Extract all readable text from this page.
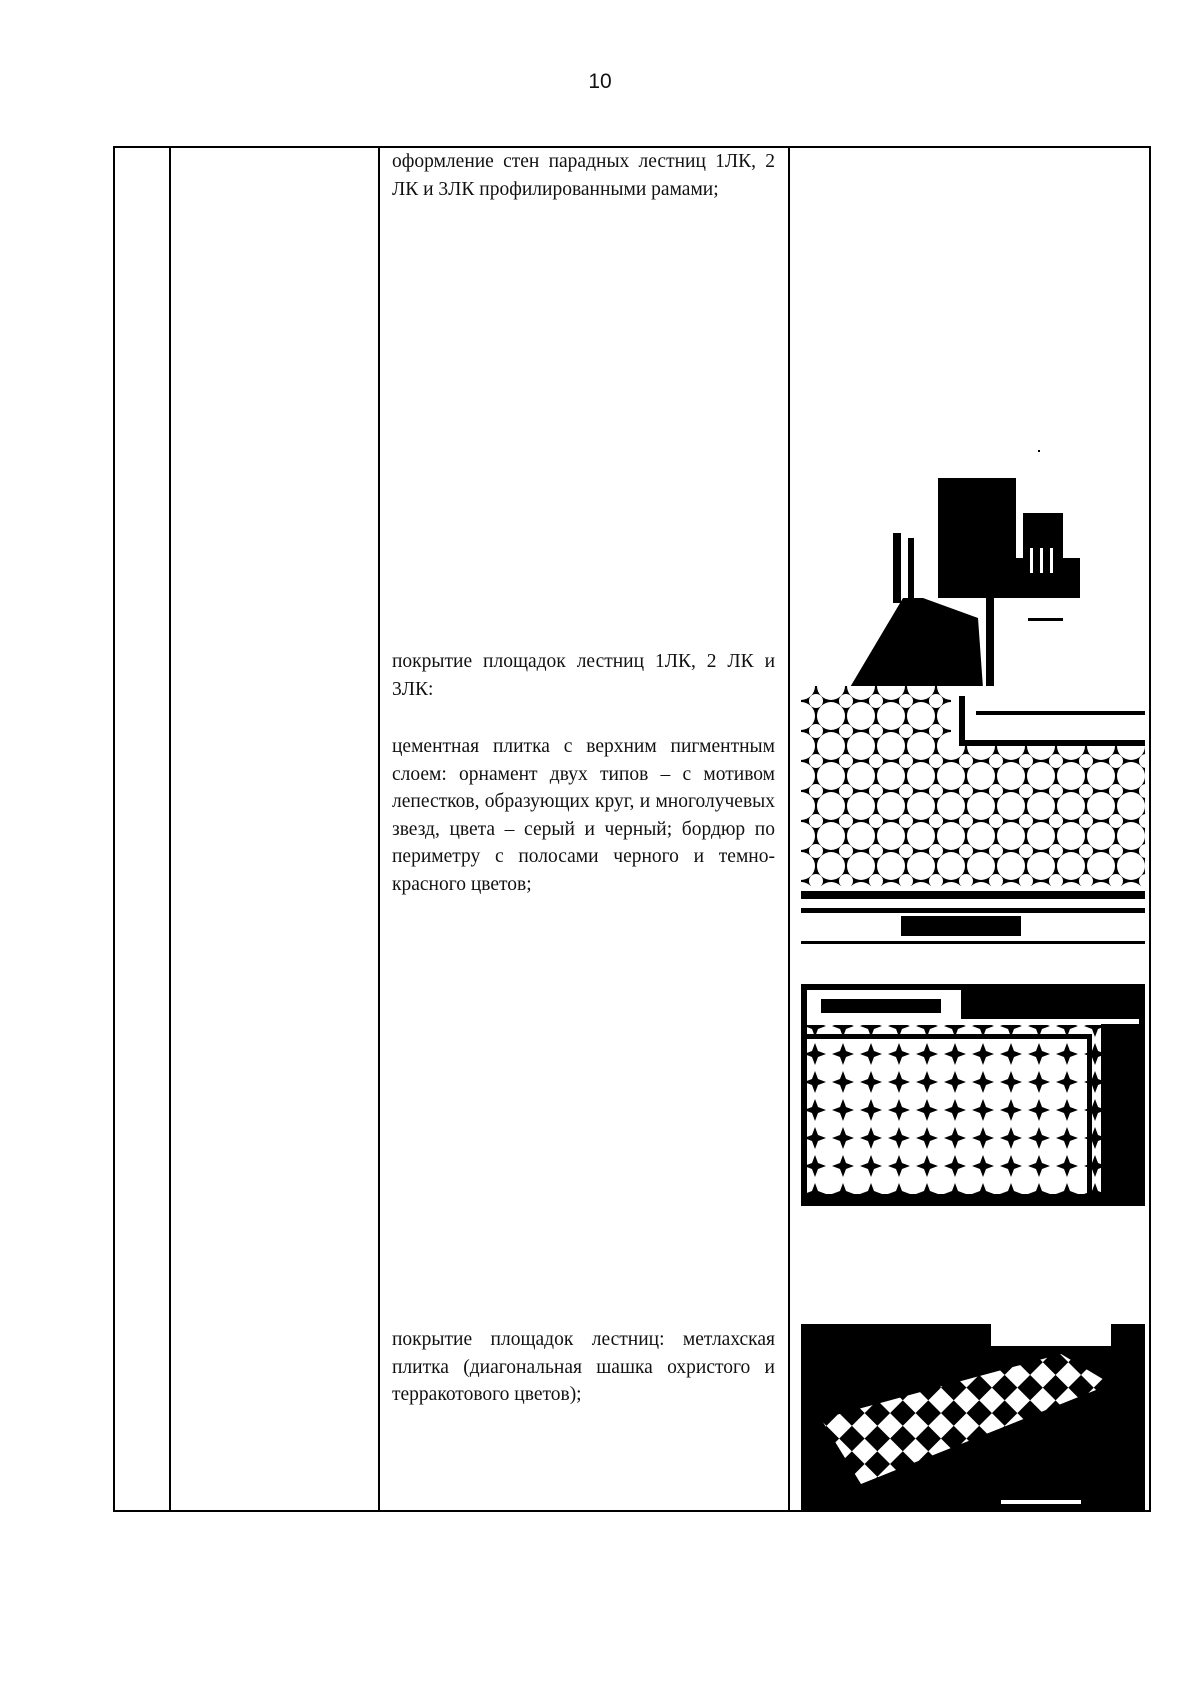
10
оформление стен парадных лестниц 1ЛК, 2 ЛК и 3ЛК профилированными рамами;
покрытие площадок лестниц 1ЛК, 2 ЛК и 3ЛК:
цементная плитка с верхним пигментным слоем: орнамент двух типов – с мотивом лепестков, образующих круг, и многолучевых звезд, цвета – серый и черный; бордюр по периметру с полосами черного и темно-красного цветов;
покрытие площадок лестниц: метлахская плитка (диагональная шашка охристого и терракотового цветов);
